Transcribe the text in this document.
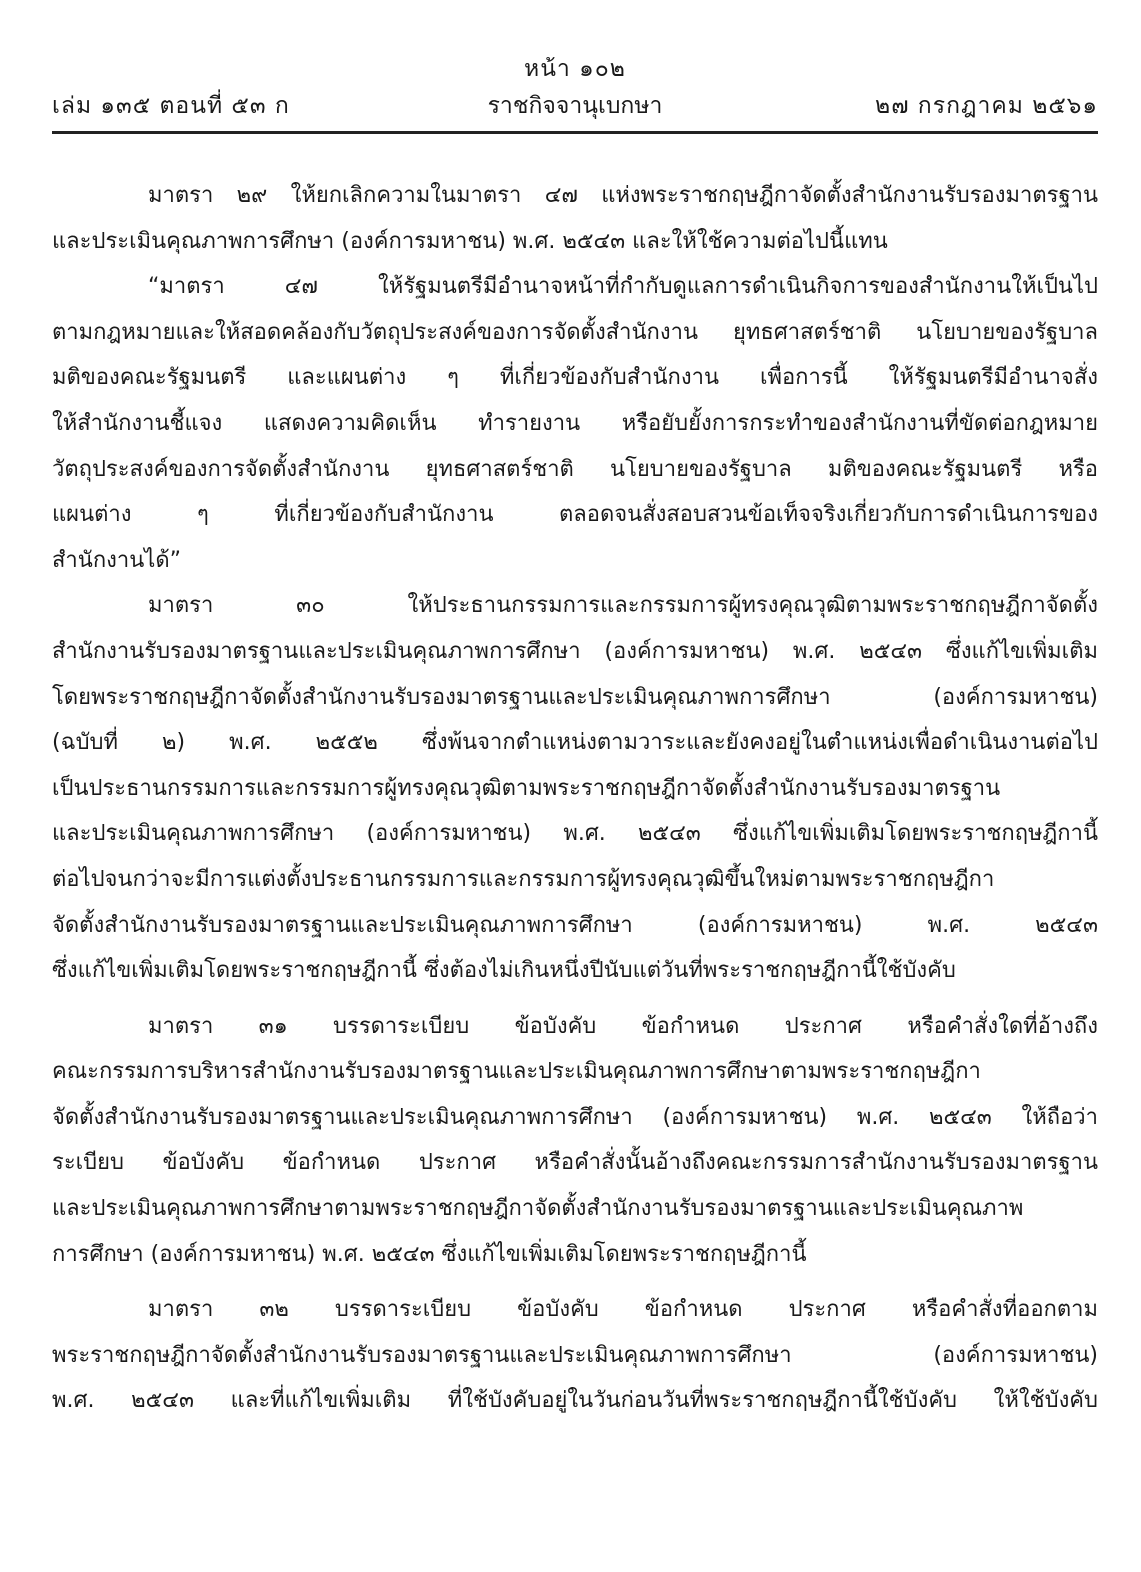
หน้า ๑๐๒
ราชกิจจานุเบกษา
เล่ม ๑๓๕ ตอนที่ ๕๓ ก	๒๗ กรกฎาคม ๒๕๖๑
มาตรา ๒๙ ให้ยกเลิกความในมาตรา ๔๗ แห่งพระราชกฤษฎีกาจัดตั้งสำนักงานรับรองมาตรฐาน
และประเมินคุณภาพการศึกษา (องค์การมหาชน) พ.ศ. ๒๕๔๓ และให้ใช้ความต่อไปนี้แทน
“มาตรา ๔๗ ให้รัฐมนตรีมีอำนาจหน้าที่กำกับดูแลการดำเนินกิจการของสำนักงานให้เป็นไป
ตามกฎหมายและให้สอดคล้องกับวัตถุประสงค์ของการจัดตั้งสำนักงาน ยุทธศาสตร์ชาติ นโยบายของรัฐบาล
มติของคณะรัฐมนตรี และแผนต่าง ๆ ที่เกี่ยวข้องกับสำนักงาน เพื่อการนี้ ให้รัฐมนตรีมีอำนาจสั่ง
ให้สำนักงานชี้แจง แสดงความคิดเห็น ทำรายงาน หรือยับยั้งการกระทำของสำนักงานที่ขัดต่อกฎหมาย
วัตถุประสงค์ของการจัดตั้งสำนักงาน ยุทธศาสตร์ชาติ นโยบายของรัฐบาล มติของคณะรัฐมนตรี หรือ
แผนต่าง ๆ ที่เกี่ยวข้องกับสำนักงาน ตลอดจนสั่งสอบสวนข้อเท็จจริงเกี่ยวกับการดำเนินการของ
สำนักงานได้”
มาตรา ๓๐ ให้ประธานกรรมการและกรรมการผู้ทรงคุณวุฒิตามพระราชกฤษฎีกาจัดตั้ง
สำนักงานรับรองมาตรฐานและประเมินคุณภาพการศึกษา (องค์การมหาชน) พ.ศ. ๒๕๔๓ ซึ่งแก้ไขเพิ่มเติม
โดยพระราชกฤษฎีกาจัดตั้งสำนักงานรับรองมาตรฐานและประเมินคุณภาพการศึกษา (องค์การมหาชน)
(ฉบับที่ ๒) พ.ศ. ๒๕๕๒ ซึ่งพ้นจากตำแหน่งตามวาระและยังคงอยู่ในตำแหน่งเพื่อดำเนินงานต่อไป
เป็นประธานกรรมการและกรรมการผู้ทรงคุณวุฒิตามพระราชกฤษฎีกาจัดตั้งสำนักงานรับรองมาตรฐาน
และประเมินคุณภาพการศึกษา (องค์การมหาชน) พ.ศ. ๒๕๔๓ ซึ่งแก้ไขเพิ่มเติมโดยพระราชกฤษฎีกานี้
ต่อไปจนกว่าจะมีการแต่งตั้งประธานกรรมการและกรรมการผู้ทรงคุณวุฒิขึ้นใหม่ตามพระราชกฤษฎีกา
จัดตั้งสำนักงานรับรองมาตรฐานและประเมินคุณภาพการศึกษา (องค์การมหาชน) พ.ศ. ๒๕๔๓
ซึ่งแก้ไขเพิ่มเติมโดยพระราชกฤษฎีกานี้ ซึ่งต้องไม่เกินหนึ่งปีนับแต่วันที่พระราชกฤษฎีกานี้ใช้บังคับ
มาตรา ๓๑ บรรดาระเบียบ ข้อบังคับ ข้อกำหนด ประกาศ หรือคำสั่งใดที่อ้างถึง
คณะกรรมการบริหารสำนักงานรับรองมาตรฐานและประเมินคุณภาพการศึกษาตามพระราชกฤษฎีกา
จัดตั้งสำนักงานรับรองมาตรฐานและประเมินคุณภาพการศึกษา (องค์การมหาชน) พ.ศ. ๒๕๔๓ ให้ถือว่า
ระเบียบ ข้อบังคับ ข้อกำหนด ประกาศ หรือคำสั่งนั้นอ้างถึงคณะกรรมการสำนักงานรับรองมาตรฐาน
และประเมินคุณภาพการศึกษาตามพระราชกฤษฎีกาจัดตั้งสำนักงานรับรองมาตรฐานและประเมินคุณภาพ
การศึกษา (องค์การมหาชน) พ.ศ. ๒๕๔๓ ซึ่งแก้ไขเพิ่มเติมโดยพระราชกฤษฎีกานี้
มาตรา ๓๒ บรรดาระเบียบ ข้อบังคับ ข้อกำหนด ประกาศ หรือคำสั่งที่ออกตาม
พระราชกฤษฎีกาจัดตั้งสำนักงานรับรองมาตรฐานและประเมินคุณภาพการศึกษา (องค์การมหาชน)
พ.ศ. ๒๕๔๓ และที่แก้ไขเพิ่มเติม ที่ใช้บังคับอยู่ในวันก่อนวันที่พระราชกฤษฎีกานี้ใช้บังคับ ให้ใช้บังคับ
